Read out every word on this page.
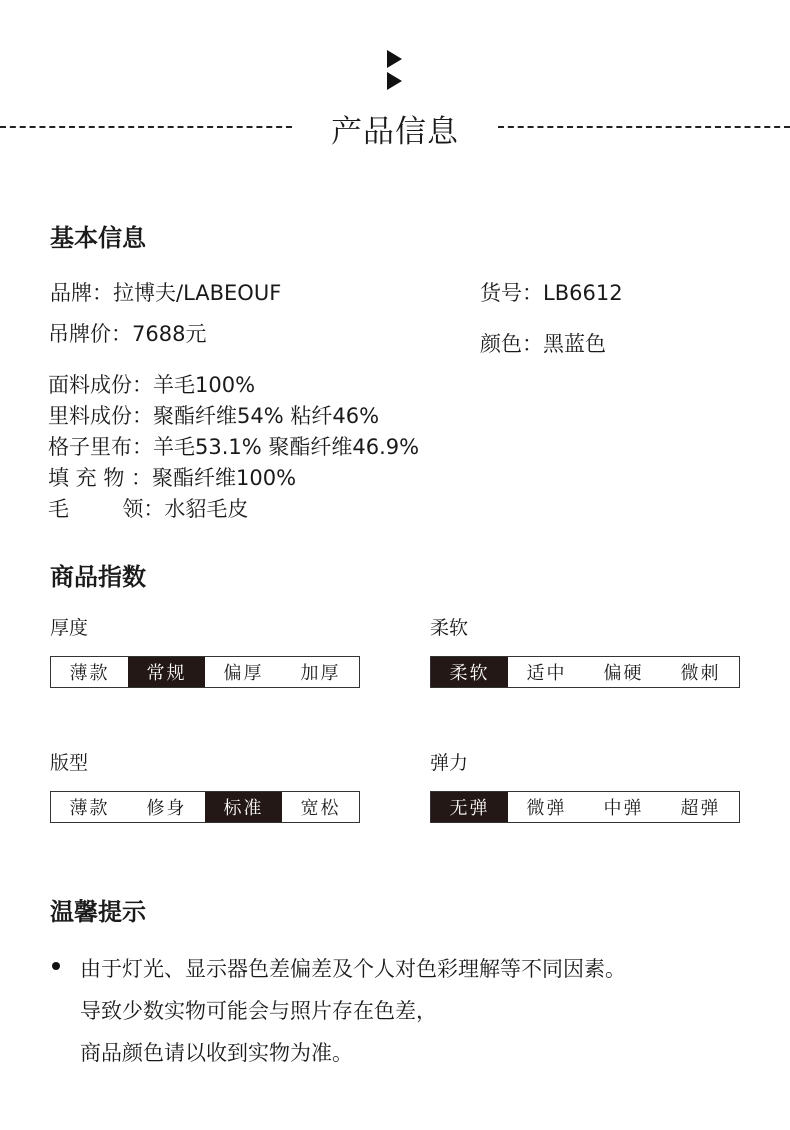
产品信息
基本信息
品牌：拉博夫/LABEOUF	货号：LB6612
吊牌价：7688元	颜色：黑蓝色
面料成份：羊毛100%
里料成份：聚酯纤维54% 粘纤46%
格子里布：羊毛53.1% 聚酯纤维46.9%
填 充 物 ：聚酯纤维100%
毛        领：水貂毛皮
商品指数
厚度
薄款	常规	偏厚	加厚
柔软
柔软	适中	偏硬	微刺
版型
薄款	修身	标准	宽松
弹力
无弹	微弹	中弹	超弹
温馨提示
由于灯光、显示器色差偏差及个人对色彩理解等不同因素。
导致少数实物可能会与照片存在色差，
商品颜色请以收到实物为准。
